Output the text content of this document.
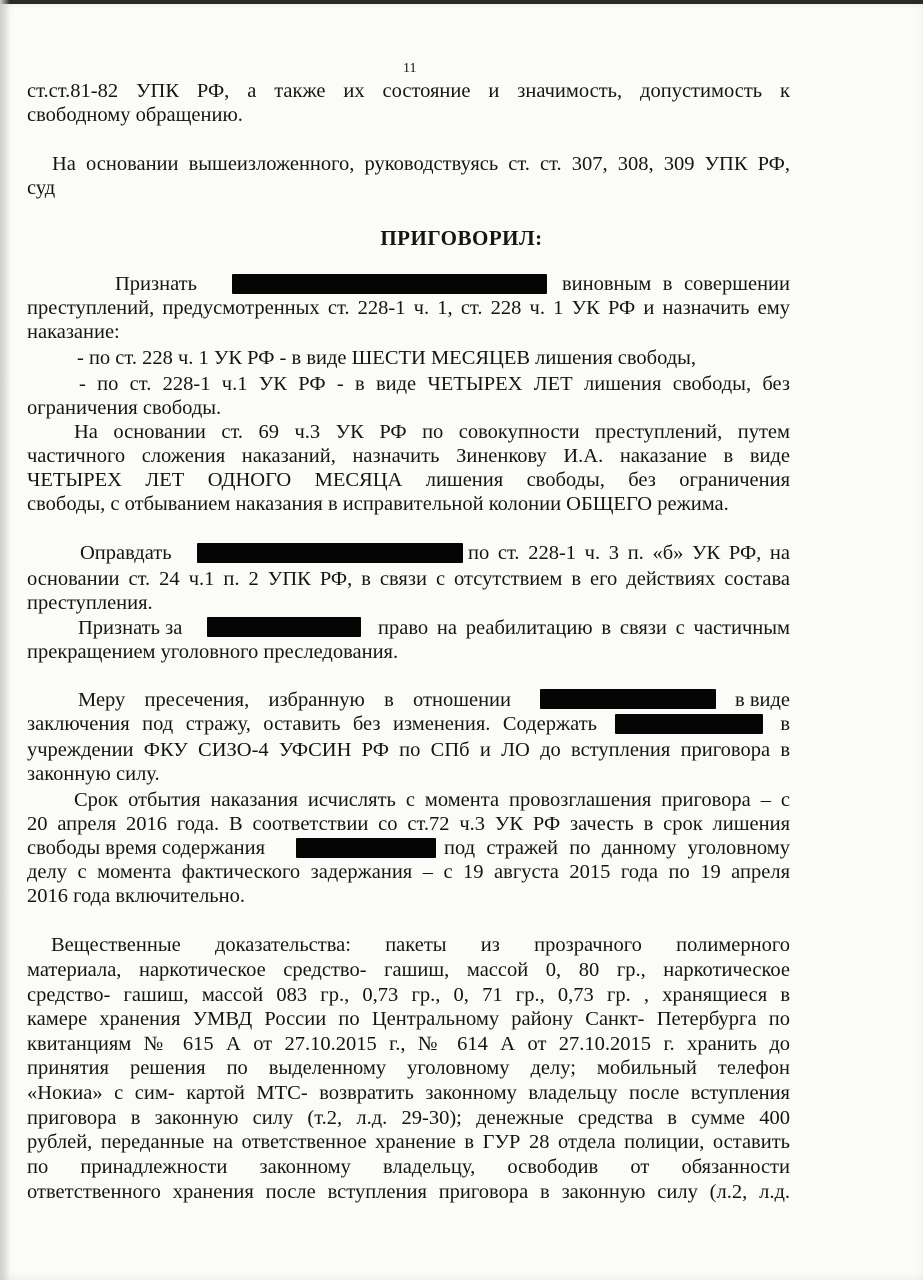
11
ст.ст.81-82 УПК РФ, а также их состояние и значимость, допустимость к
свободному обращению.
На основании вышеизложенного, руководствуясь ст. ст. 307, 308, 309 УПК РФ,
суд
ПРИГОВОРИЛ:
Признать	виновным в совершении
преступлений, предусмотренных ст. 228-1 ч. 1, ст. 228 ч. 1 УК РФ и назначить ему
наказание:
- по ст. 228 ч. 1 УК РФ - в виде ШЕСТИ МЕСЯЦЕВ лишения свободы,
- по ст. 228-1 ч.1 УК РФ - в виде ЧЕТЫРЕХ ЛЕТ лишения свободы, без
ограничения свободы.
На основании ст. 69 ч.3 УК РФ по совокупности преступлений, путем
частичного сложения наказаний, назначить Зиненкову И.А. наказание в виде
ЧЕТЫРЕХ ЛЕТ ОДНОГО МЕСЯЦА лишения свободы, без ограничения
свободы, с отбыванием наказания в исправительной колонии ОБЩЕГО режима.
Оправдать	по ст. 228-1 ч. 3 п. «б» УК РФ, на
основании ст. 24 ч.1 п. 2 УПК РФ, в связи с отсутствием в его действиях состава
преступления.
Признать за	право на реабилитацию в связи с частичным
прекращением уголовного преследования.
Меру пресечения, избранную в отношении	в виде
заключения под стражу, оставить без изменения. Содержать	в
учреждении ФКУ СИЗО-4 УФСИН РФ по СПб и ЛО до вступления приговора в
законную силу.
Срок отбытия наказания исчислять с момента провозглашения приговора – с
20 апреля 2016 года. В соответствии со ст.72 ч.3 УК РФ зачесть в срок лишения
свободы время содержания	под стражей по данному уголовному
делу с момента фактического задержания – с 19 августа 2015 года по 19 апреля
2016 года включительно.
Вещественные доказательства: пакеты из прозрачного полимерного
материала, наркотическое средство- гашиш, массой 0, 80 гр., наркотическое
средство- гашиш, массой 083 гр., 0,73 гр., 0, 71 гр., 0,73 гр. , хранящиеся в
камере хранения УМВД России по Центральному району Санкт- Петербурга по
квитанциям № 615 А от 27.10.2015 г., № 614 А от 27.10.2015 г. хранить до
принятия решения по выделенному уголовному делу; мобильный телефон
«Нокиа» с сим- картой МТС- возвратить законному владельцу после вступления
приговора в законную силу (т.2, л.д. 29-30); денежные средства в сумме 400
рублей, переданные на ответственное хранение в ГУР 28 отдела полиции, оставить
по принадлежности законному владельцу, освободив от обязанности
ответственного хранения после вступления приговора в законную силу (л.2, л.д.
